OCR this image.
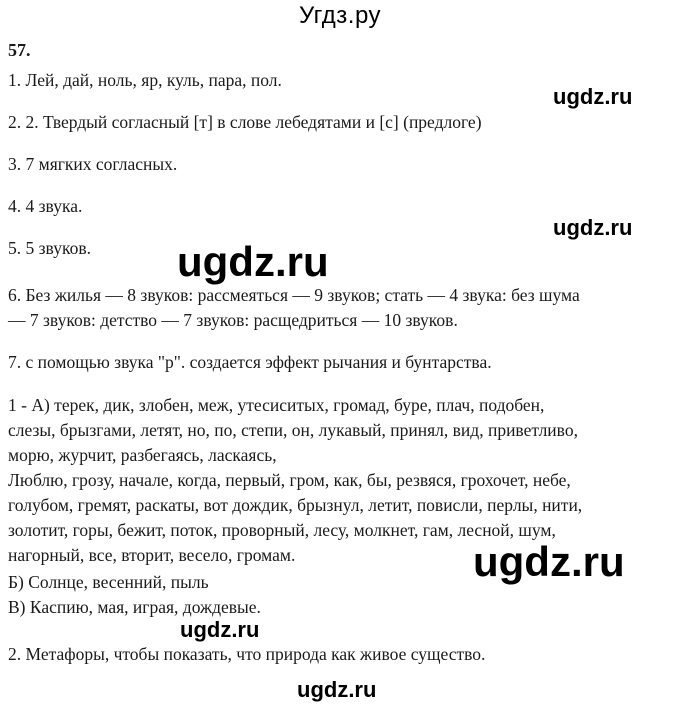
Угдз.ру
57.
1. Лей, дай, ноль, яр, куль, пара, пол.
2. 2. Твердый согласный [т] в слове лебедятами и [с] (предлоге)
3. 7 мягких согласных.
4. 4 звука.
5. 5 звуков.
6. Без жилья — 8 звуков: рассмеяться — 9 звуков; стать — 4 звука: без шума
— 7 звуков: детство — 7 звуков: расщедриться — 10 звуков.
7. с помощью звука "р". создается эффект рычания и бунтарства.
1 - А) терек, дик, злобен, меж, утесиситых, громад, буре, плач, подобен,
слезы, брызгами, летят, но, по, степи, он, лукавый, принял, вид, приветливо,
морю, журчит, разбегаясь, ласкаясь,
Люблю, грозу, начале, когда, первый, гром, как, бы, резвяся, грохочет, небе,
голубом, гремят, раскаты, вот дождик, брызнул, летит, повисли, перлы, нити,
золотит, горы, бежит, поток, проворный, лесу, молкнет, гам, лесной, шум,
нагорный, все, вторит, весело, громам.
Б) Солнце, весенний, пыль
В) Каспию, мая, играя, дождевые.
2. Метафоры, чтобы показать, что природа как живое существо.
ugdz.ru
ugdz.ru
ugdz.ru
ugdz.ru
ugdz.ru
ugdz.ru
